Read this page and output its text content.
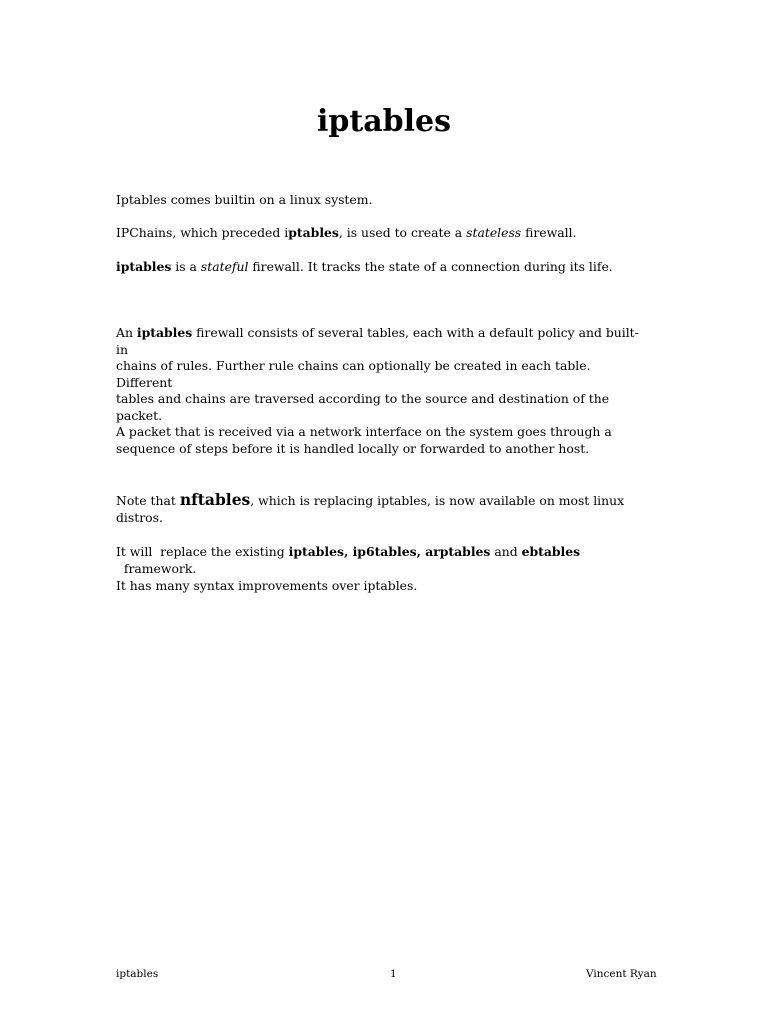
iptables

Iptables comes builtin on a linux system.

IPChains, which preceded iptables, is used to create a stateless firewall.

iptables is a stateful firewall. It tracks the state of a connection during its life.

An iptables firewall consists of several tables, each with a default policy and built-in
chains of rules. Further rule chains can optionally be created in each table. Different
tables and chains are traversed according to the source and destination of the packet.
A packet that is received via a network interface on the system goes through a
sequence of steps before it is handled locally or forwarded to another host.

Note that nftables, which is replacing iptables, is now available on most linux
distros.

It will  replace the existing iptables, ip6tables, arptables and ebtables  framework.

It has many syntax improvements over iptables.

iptables	1	Vincent Ryan
